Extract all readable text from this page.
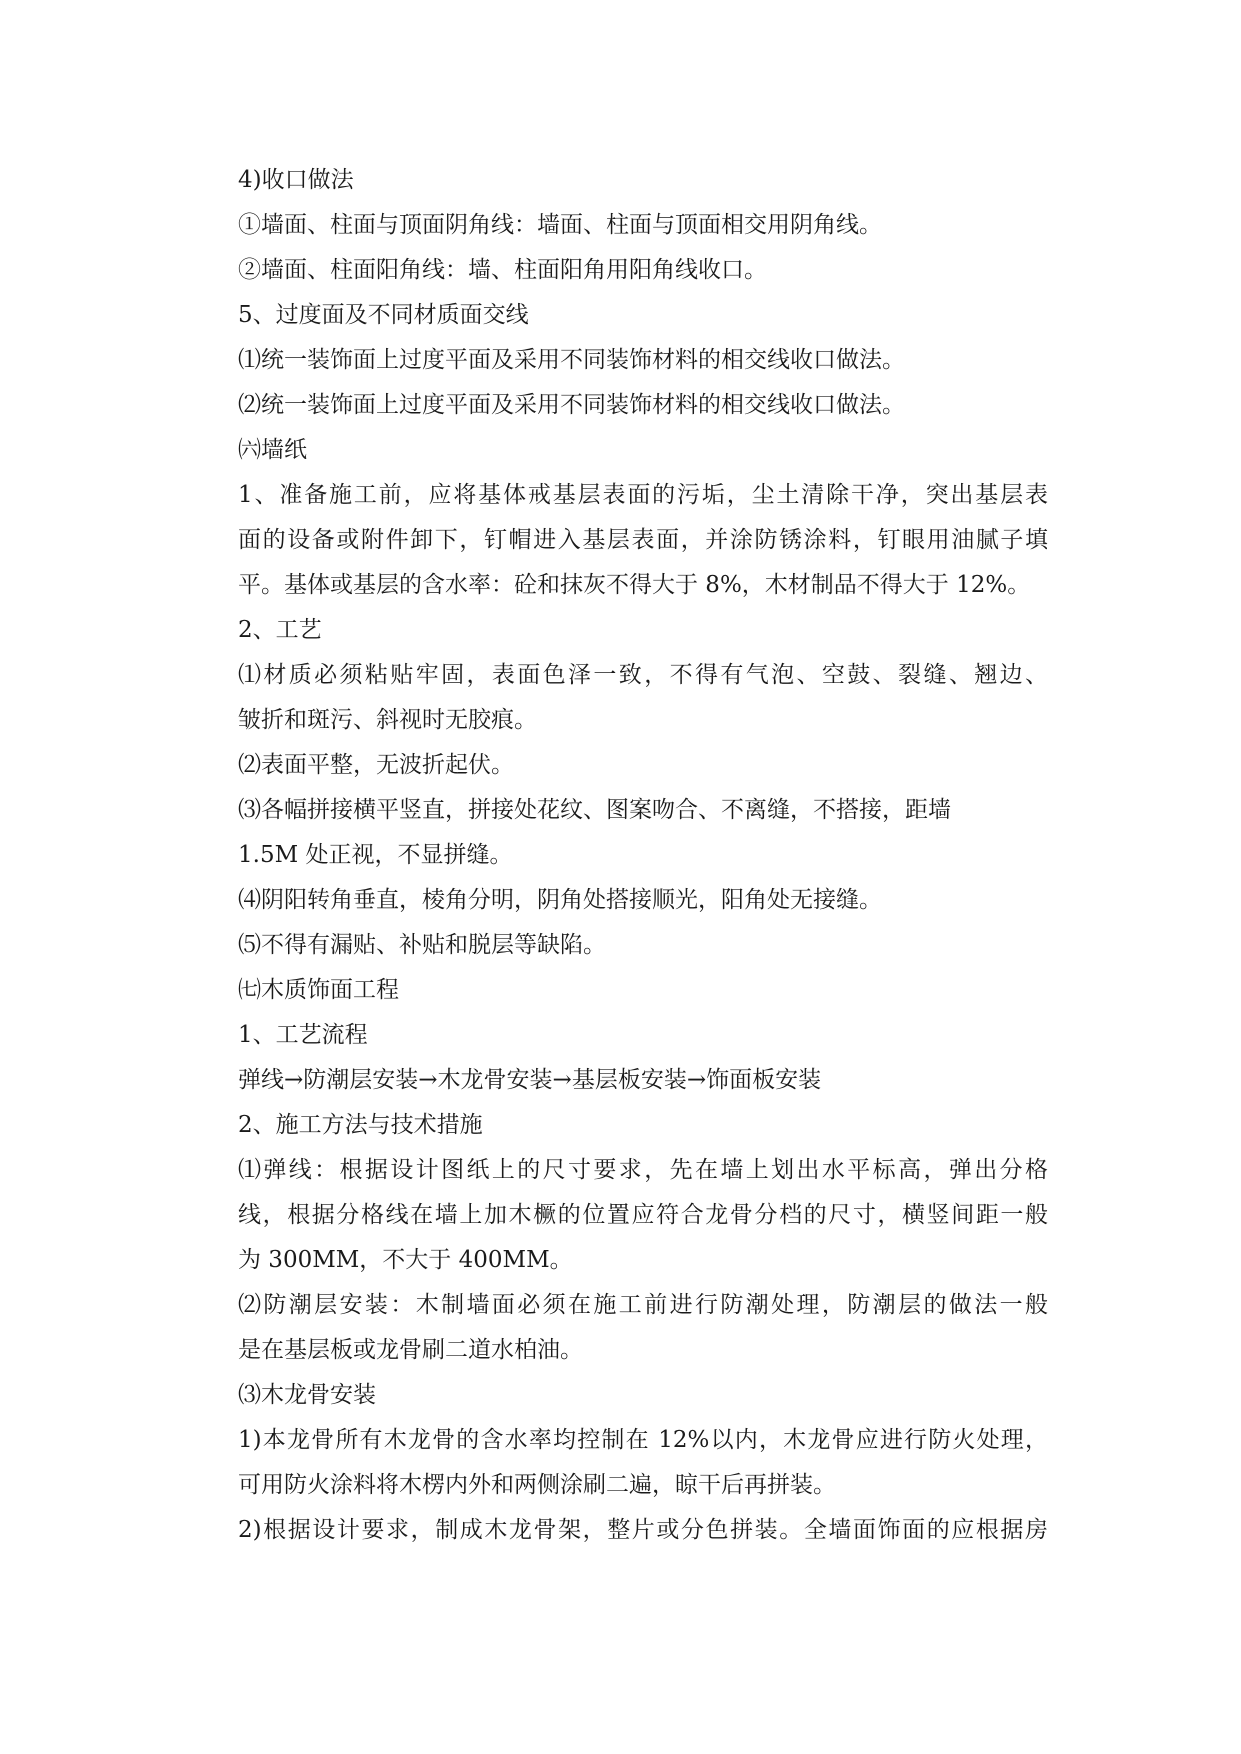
4)收口做法
①墙面、柱面与顶面阴角线：墙面、柱面与顶面相交用阴角线。
②墙面、柱面阳角线：墙、柱面阳角用阳角线收口。
5、过度面及不同材质面交线
⑴统一装饰面上过度平面及采用不同装饰材料的相交线收口做法。
⑵统一装饰面上过度平面及采用不同装饰材料的相交线收口做法。
㈥墙纸
1、准备施工前，应将基体戒基层表面的污垢，尘土清除干净，突出基层表
面的设备或附件卸下，钉帽进入基层表面，并涂防锈涂料，钉眼用油腻子填
平。基体或基层的含水率：砼和抹灰不得大于 8%，木材制品不得大于 12%。
2、工艺
⑴材质必须粘贴牢固，表面色泽一致，不得有气泡、空鼓、裂缝、翘边、
皱折和斑污、斜视时无胶痕。
⑵表面平整，无波折起伏。
⑶各幅拼接横平竖直，拼接处花纹、图案吻合、不离缝，不搭接，距墙
1.5M 处正视，不显拼缝。
⑷阴阳转角垂直，棱角分明，阴角处搭接顺光，阳角处无接缝。
⑸不得有漏贴、补贴和脱层等缺陷。
㈦木质饰面工程
1、工艺流程
弹线→防潮层安装→木龙骨安装→基层板安装→饰面板安装
2、施工方法与技术措施
⑴弹线：根据设计图纸上的尺寸要求，先在墙上划出水平标高，弹出分格
线，根据分格线在墙上加木橛的位置应符合龙骨分档的尺寸，横竖间距一般
为 300MM，不大于 400MM。
⑵防潮层安装：木制墙面必须在施工前进行防潮处理，防潮层的做法一般
是在基层板或龙骨刷二道水柏油。
⑶木龙骨安装
1)本龙骨所有木龙骨的含水率均控制在 12%以内，木龙骨应进行防火处理，
可用防火涂料将木楞内外和两侧涂刷二遍，晾干后再拼装。
2)根据设计要求，制成木龙骨架，整片或分色拼装。全墙面饰面的应根据房
